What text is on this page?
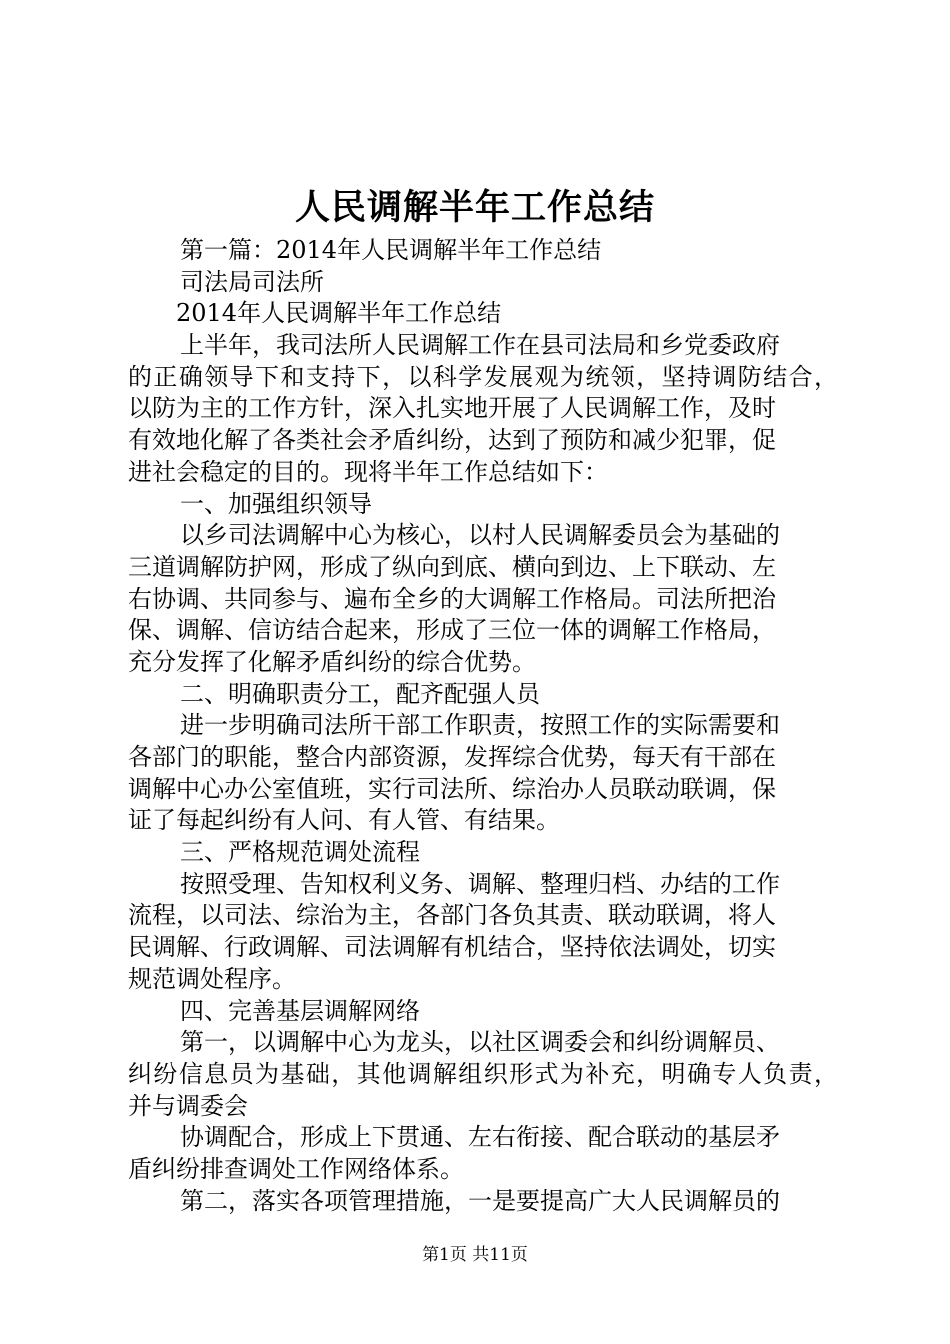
人民调解半年工作总结
第一篇：2014年人民调解半年工作总结
司法局司法所
2014年人民调解半年工作总结
上半年，我司法所人民调解工作在县司法局和乡党委政府
的正确领导下和支持下，以科学发展观为统领，坚持调防结合，
以防为主的工作方针，深入扎实地开展了人民调解工作，及时
有效地化解了各类社会矛盾纠纷，达到了预防和减少犯罪，促
进社会稳定的目的。现将半年工作总结如下：
一、加强组织领导
以乡司法调解中心为核心，以村人民调解委员会为基础的
三道调解防护网，形成了纵向到底、横向到边、上下联动、左
右协调、共同参与、遍布全乡的大调解工作格局。司法所把治
保、调解、信访结合起来，形成了三位一体的调解工作格局，
充分发挥了化解矛盾纠纷的综合优势。
二、明确职责分工，配齐配强人员
进一步明确司法所干部工作职责，按照工作的实际需要和
各部门的职能，整合内部资源，发挥综合优势，每天有干部在
调解中心办公室值班，实行司法所、综治办人员联动联调，保
证了每起纠纷有人问、有人管、有结果。
三、严格规范调处流程
按照受理、告知权利义务、调解、整理归档、办结的工作
流程，以司法、综治为主，各部门各负其责、联动联调，将人
民调解、行政调解、司法调解有机结合，坚持依法调处，切实
规范调处程序。
四、完善基层调解网络
第一，以调解中心为龙头，以社区调委会和纠纷调解员、
纠纷信息员为基础，其他调解组织形式为补充，明确专人负责，
并与调委会
协调配合，形成上下贯通、左右衔接、配合联动的基层矛
盾纠纷排查调处工作网络体系。
第二，落实各项管理措施，一是要提高广大人民调解员的
第1页 共11页
